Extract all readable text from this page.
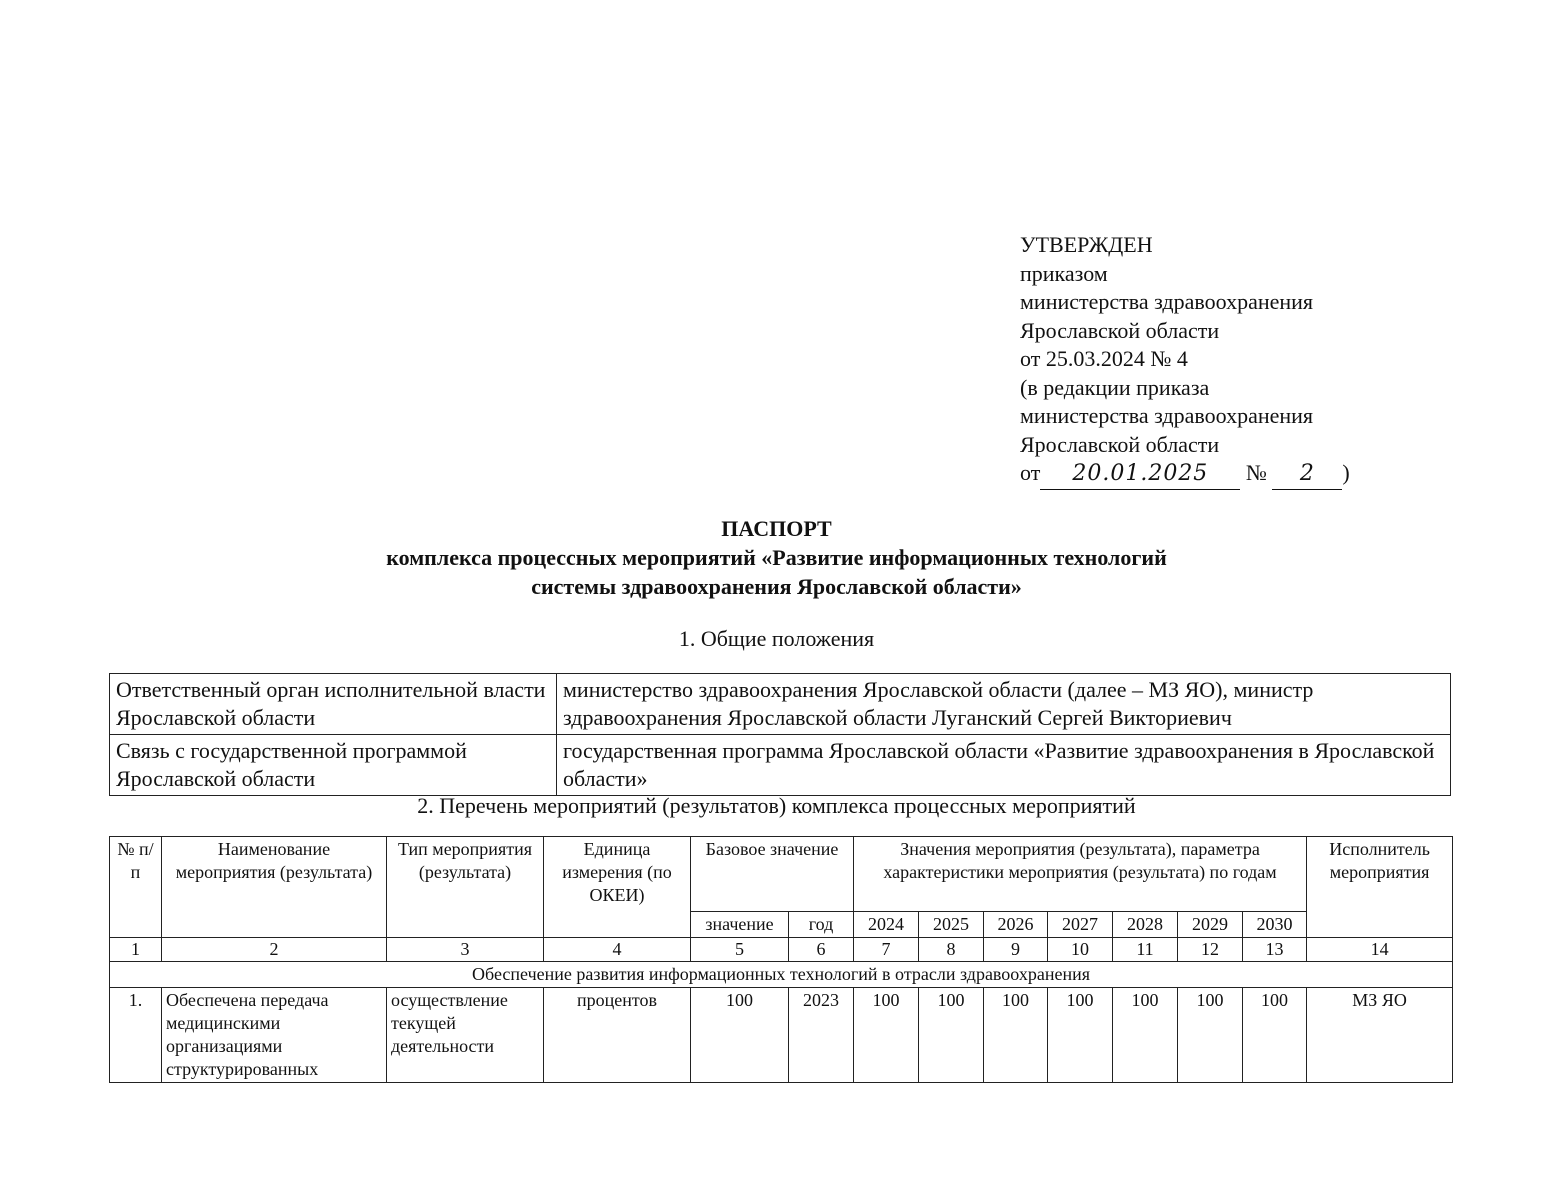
УТВЕРЖДЕН
приказом
министерства здравоохранения
Ярославской области
от 25.03.2024 № 4
(в редакции приказа
министерства здравоохранения
Ярославской области
от 20.01.2025 № 2 )
ПАСПОРТ
комплекса процессных мероприятий «Развитие информационных технологий
системы здравоохранения Ярославской области»
1. Общие положения
Ответственный орган исполнительной власти Ярославской области	министерство здравоохранения Ярославской области (далее – МЗ ЯО), министр здравоохранения Ярославской области Луганский Сергей Викториевич
Связь с государственной программой Ярославской области	государственная программа Ярославской области «Развитие здравоохранения в Ярославской области»
2. Перечень мероприятий (результатов) комплекса процессных мероприятий
№ п/п	Наименование мероприятия (результата)	Тип мероприятия (результата)	Единица измерения (по ОКЕИ)	Базовое значение		Значения мероприятия (результата), параметра характеристики мероприятия (результата) по годам							Исполнитель мероприятия
				значение	год	2024	2025	2026	2027	2028	2029	2030	
1	2	3	4	5	6	7	8	9	10	11	12	13	14
Обеспечение развития информационных технологий в отрасли здравоохранения													
1.	Обеспечена передача медицинскими организациями структурированных	осуществление текущей деятельности	процентов	100	2023	100	100	100	100	100	100	100	МЗ ЯО
